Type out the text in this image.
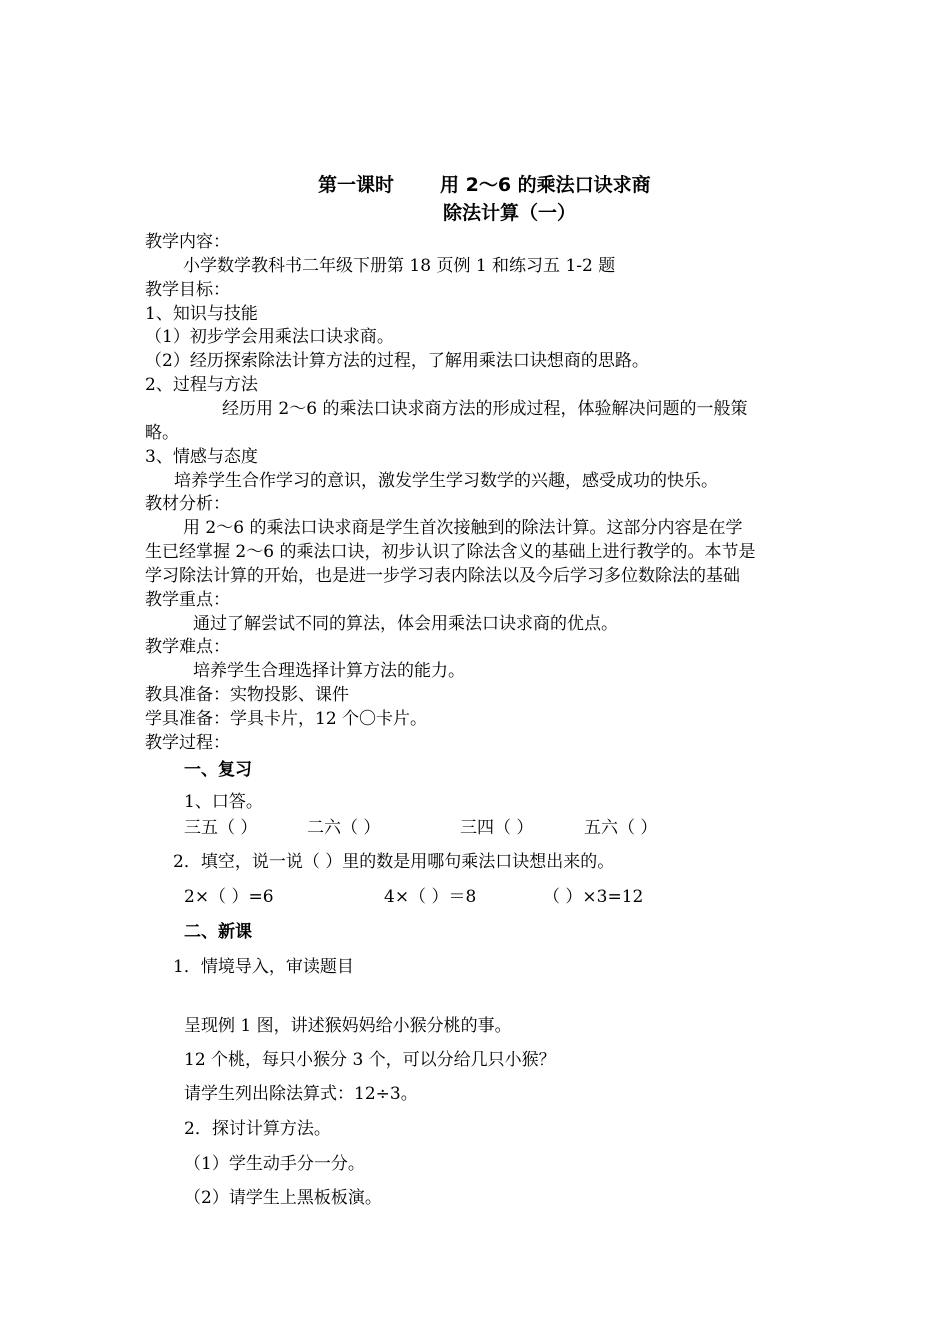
第一课时 用 2～6 的乘法口诀求商
除法计算（一）
教学内容：
小学数学教科书二年级下册第 18 页例 1 和练习五 1-2 题
教学目标：
1、知识与技能
（1）初步学会用乘法口诀求商。
（2）经历探索除法计算方法的过程，了解用乘法口诀想商的思路。
2、过程与方法
经历用 2～6 的乘法口诀求商方法的形成过程，体验解决问题的一般策
略。
3、情感与态度
培养学生合作学习的意识，激发学生学习数学的兴趣，感受成功的快乐。
教材分析：
用 2～6 的乘法口诀求商是学生首次接触到的除法计算。这部分内容是在学
生已经掌握 2～6 的乘法口诀，初步认识了除法含义的基础上进行教学的。本节是
学习除法计算的开始，也是进一步学习表内除法以及今后学习多位数除法的基础
教学重点：
通过了解尝试不同的算法，体会用乘法口诀求商的优点。
教学难点：
培养学生合理选择计算方法的能力。
教具准备：实物投影、课件
学具准备：学具卡片，12 个〇卡片。
教学过程：
一、复习
1、口答。
三五（ ）	二六（ ）	三四（ ）	五六（ ）
2．填空，说一说（ ）里的数是用哪句乘法口诀想出来的。
2×（ ）=6	4×（ ）＝8	（ ）×3=12
二、新课
1．情境导入，审读题目
呈现例 1 图，讲述猴妈妈给小猴分桃的事。
12 个桃，每只小猴分 3 个，可以分给几只小猴？
请学生列出除法算式：12÷3。
2．探讨计算方法。
（1）学生动手分一分。
（2）请学生上黑板板演。
